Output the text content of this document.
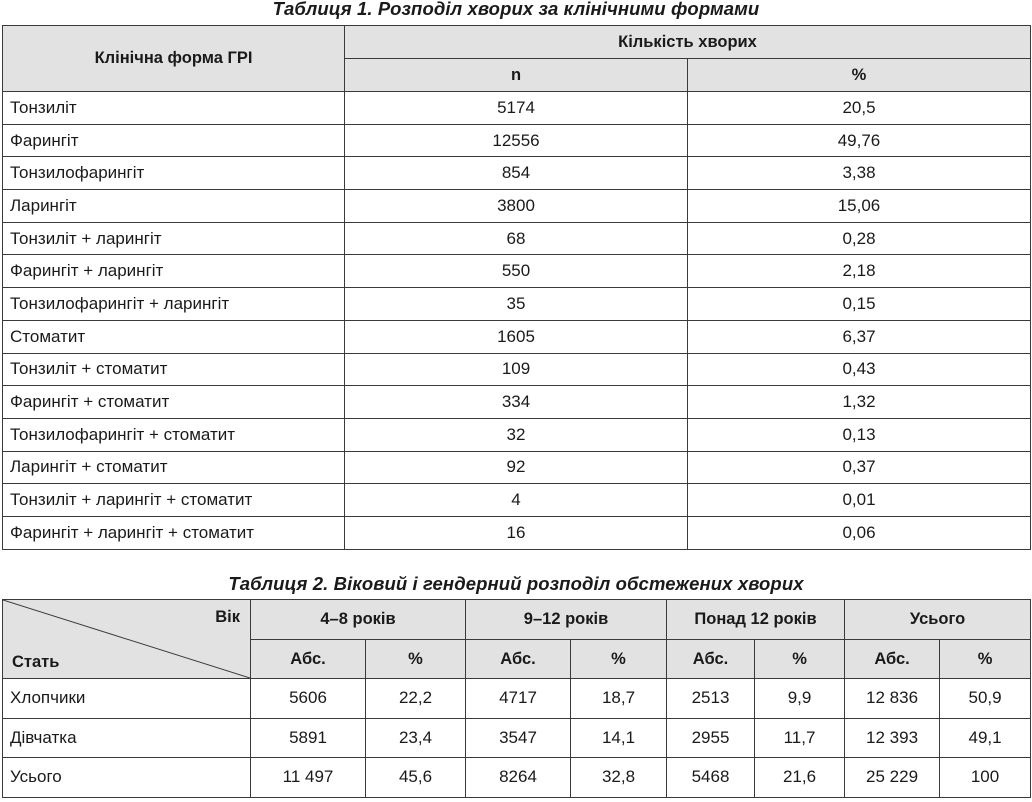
Таблиця 1. Розподіл хворих за клінічними формами
Клінічна форма ГРІ	Кількість хворих	
	n	%
Тонзиліт	5174	20,5
Фарингіт	12556	49,76
Тонзилофарингіт	854	3,38
Ларингіт	3800	15,06
Тонзиліт + ларингіт	68	0,28
Фарингіт + ларингіт	550	2,18
Тонзилофарингіт + ларингіт	35	0,15
Стоматит	1605	6,37
Тонзиліт + стоматит	109	0,43
Фарингіт + стоматит	334	1,32
Тонзилофарингіт + стоматит	32	0,13
Ларингіт + стоматит	92	0,37
Тонзиліт + ларингіт + стоматит	4	0,01
Фарингіт + ларингіт + стоматит	16	0,06
Таблиця 2. Віковий і гендерний розподіл обстежених хворих
Вік
Стать	4–8 років		9–12 років		Понад 12 років		Усього	
	Абс.	%	Абс.	%	Абс.	%	Абс.	%
Хлопчики	5606	22,2	4717	18,7	2513	9,9	12 836	50,9
Дівчатка	5891	23,4	3547	14,1	2955	11,7	12 393	49,1
Усього	11 497	45,6	8264	32,8	5468	21,6	25 229	100
